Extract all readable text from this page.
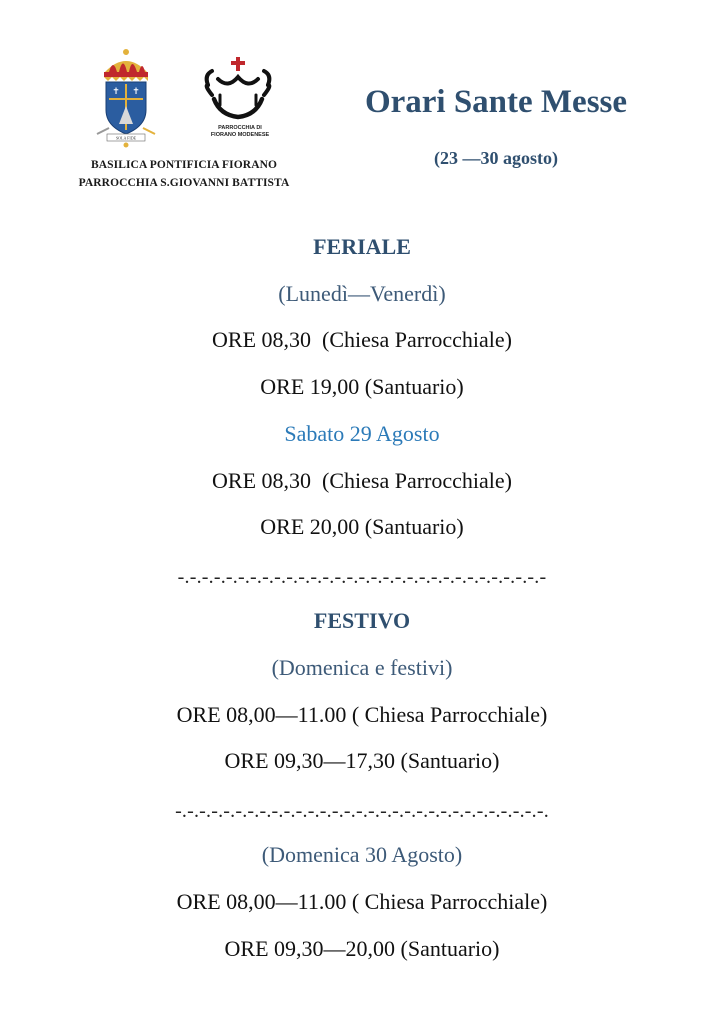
✝ ✝
SOLA FIDE
PARROCCHIA DI
FIORANO MODENESE
BASILICA PONTIFICIA FIORANO
PARROCCHIA S.GIOVANNI BATTISTA
Orari Sante Messe
(23 —30 agosto)
FERIALE
(Lunedì—Venerdì)
ORE 08,30  (Chiesa Parrocchiale)
ORE 19,00 (Santuario)
Sabato 29 Agosto
ORE 08,30  (Chiesa Parrocchiale)
ORE 20,00 (Santuario)
-.-.-.-.-.-.-.-.-.-.-.-.-.-.-.-.-.-.-.-.-.-.-.-.-.-.-.-.-.-.-
FESTIVO
(Domenica e festivi)
ORE 08,00—11.00 ( Chiesa Parrocchiale)
ORE 09,30—17,30 (Santuario)
-.-.-.-.-.-.-.-.-.-.-.-.-.-.-.-.-.-.-.-.-.-.-.-.-.-.-.-.-.-.-.
(Domenica 30 Agosto)
ORE 08,00—11.00 ( Chiesa Parrocchiale)
ORE 09,30—20,00 (Santuario)
